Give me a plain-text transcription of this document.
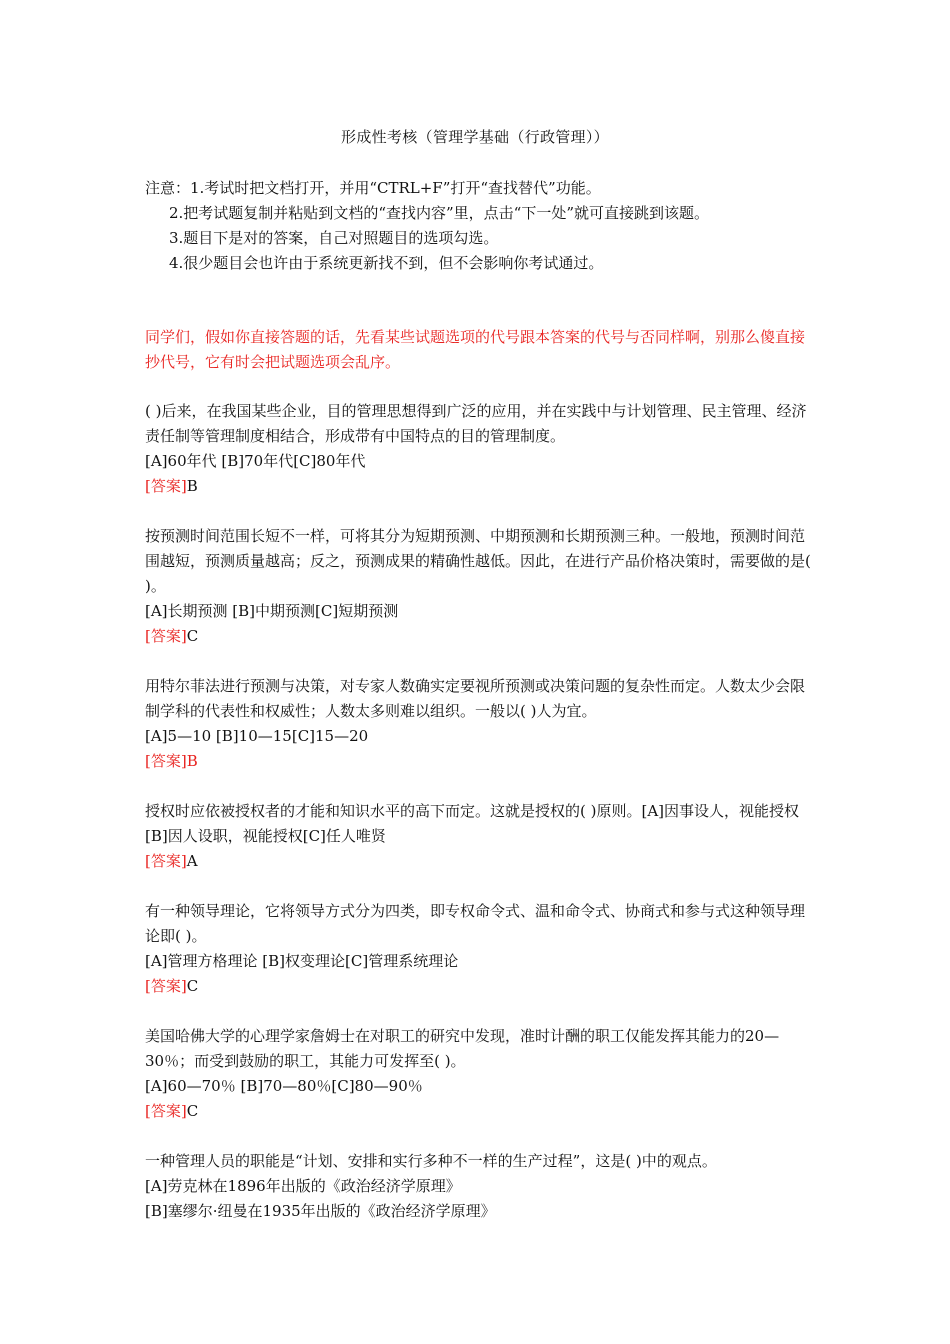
形成性考核（管理学基础（行政管理））
注意：1.考试时把文档打开，并用“CTRL+F”打开“查找替代”功能。
2.把考试题复制并粘贴到文档的“查找内容”里，点击“下一处”就可直接跳到该题。
3.题目下是对的答案，自己对照题目的选项勾选。
4.很少题目会也许由于系统更新找不到，但不会影响你考试通过。
同学们，假如你直接答题的话，先看某些试题选项的代号跟本答案的代号与否同样啊，别那么傻直接抄代号，它有时会把试题选项会乱序。

( )后来，在我国某些企业，目的管理思想得到广泛的应用，并在实践中与计划管理、民主管理、经济责任制等管理制度相结合，形成带有中国特点的目的管理制度。

[A]60年代 [B]70年代[C]80年代

[答案]B

按预测时间范围长短不一样，可将其分为短期预测、中期预测和长期预测三种。一般地，预测时间范围越短，预测质量越高；反之，预测成果的精确性越低。因此，在进行产品价格决策时，需要做的是( )。

[A]长期预测 [B]中期预测[C]短期预测

[答案]C

用特尔菲法进行预测与决策，对专家人数确实定要视所预测或决策问题的复杂性而定。人数太少会限制学科的代表性和权威性；人数太多则难以组织。一般以( )人为宜。

[A]5—10 [B]10—15[C]15—20

[答案]B

授权时应依被授权者的才能和知识水平的高下而定。这就是授权的( )原则。[A]因事设人，视能授权 [B]因人设职，视能授权[C]任人唯贤

[答案]A

有一种领导理论，它将领导方式分为四类，即专权命令式、温和命令式、协商式和参与式这种领导理论即( )。

[A]管理方格理论 [B]权变理论[C]管理系统理论

[答案]C

美国哈佛大学的心理学家詹姆士在对职工的研究中发现，准时计酬的职工仅能发挥其能力的20—30％；而受到鼓励的职工，其能力可发挥至( )。

[A]60—70％ [B]70—80％[C]80—90％

[答案]C

一种管理人员的职能是“计划、安排和实行多种不一样的生产过程”，这是( )中的观点。

[A]劳克林在1896年出版的《政治经济学原理》

[B]塞缪尔·纽曼在1935年出版的《政治经济学原理》
